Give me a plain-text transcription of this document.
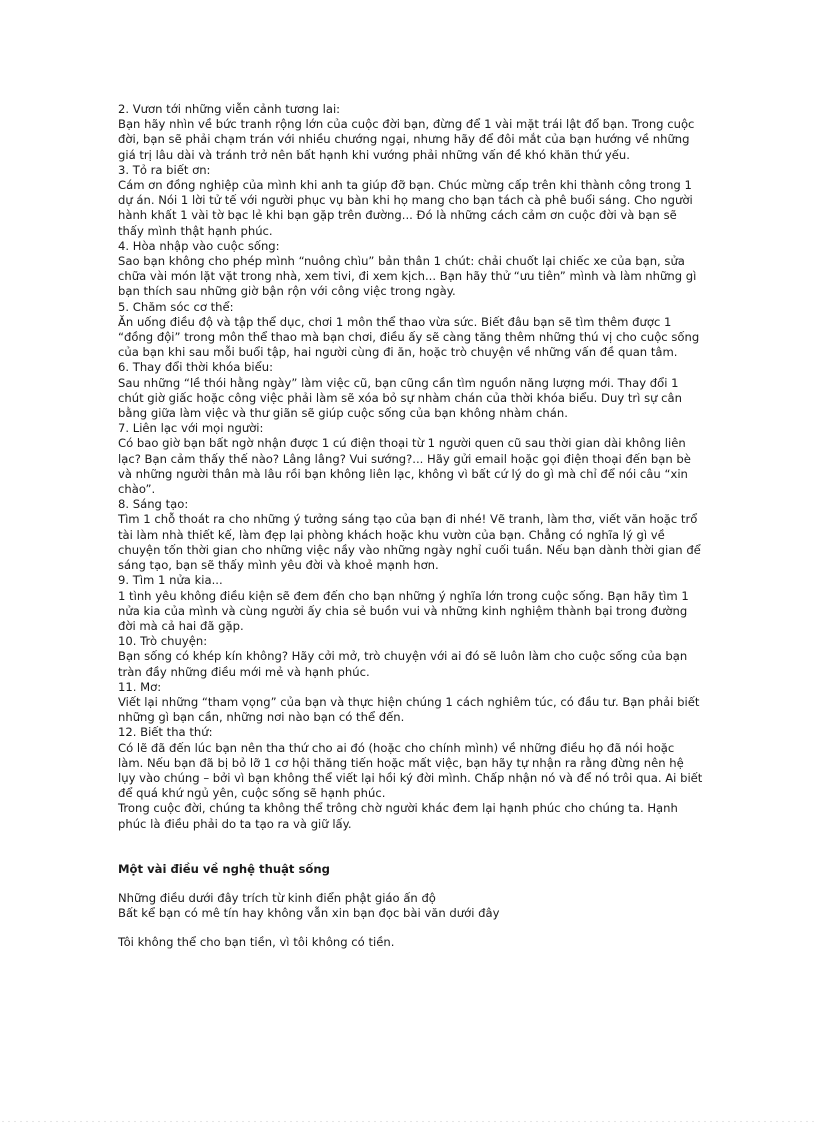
2. Vươn tới những viễn cảnh tương lai:

Bạn hãy nhìn về bức tranh rộng lớn của cuộc đời bạn, đừng để 1 vài mặt trái lật đổ bạn. Trong cuộc đời, bạn sẽ phải chạm trán với nhiều chướng ngại, nhưng hãy để đôi mắt của bạn hướng về những giá trị lâu dài và tránh trở nên bất hạnh khi vướng phải những vấn đề khó khăn thứ yếu.

3. Tỏ ra biết ơn:

Cám ơn đồng nghiệp của mình khi anh ta giúp đỡ bạn. Chúc mừng cấp trên khi thành công trong 1 dự án. Nói 1 lời tử tế với người phục vụ bàn khi họ mang cho bạn tách cà phê buổi sáng. Cho người hành khất 1 vài tờ bạc lẻ khi bạn gặp trên đường... Đó là những cách cảm ơn cuộc đời và bạn sẽ thấy mình thật hạnh phúc.

4. Hòa nhập vào cuộc sống:

Sao bạn không cho phép mình “nuông chìu” bản thân 1 chút: chải chuốt lại chiếc xe của bạn, sửa chữa vài món lặt vặt trong nhà, xem tivi, đi xem kịch... Bạn hãy thử “ưu tiên” mình và làm những gì bạn thích sau những giờ bận rộn với công việc trong ngày.

5. Chăm sóc cơ thể:

Ăn uống điều độ và tập thể dục, chơi 1 môn thể thao vừa sức. Biết đâu bạn sẽ tìm thêm được 1 “đồng đội” trong môn thể thao mà bạn chơi, điều ấy sẽ càng tăng thêm những thú vị cho cuộc sống của bạn khi sau mỗi buổi tập, hai người cùng đi ăn, hoặc trò chuyện về những vấn đề quan tâm.

6. Thay đổi thời khóa biểu:

Sau những “lề thói hằng ngày” làm việc cũ, bạn cũng cần tìm nguồn năng lượng mới. Thay đổi 1 chút giờ giấc hoặc công việc phải làm sẽ xóa bỏ sự nhàm chán của thời khóa biểu. Duy trì sự cân bằng giữa làm việc và thư giãn sẽ giúp cuộc sống của bạn không nhàm chán.

7. Liên lạc với mọi người:

Có bao giờ bạn bất ngờ nhận được 1 cú điện thoại từ 1 người quen cũ sau thời gian dài không liên lạc? Bạn cảm thấy thế nào? Lâng lâng? Vui sướng?... Hãy gửi email hoặc gọi điện thoại đến bạn bè và những người thân mà lâu rồi bạn không liên lạc, không vì bất cứ lý do gì mà chỉ để nói câu “xin chào”.

8. Sáng tạo:

Tìm 1 chỗ thoát ra cho những ý tưởng sáng tạo của bạn đi nhé! Vẽ tranh, làm thơ, viết văn hoặc trổ tài làm nhà thiết kế, làm đẹp lại phòng khách hoặc khu vườn của bạn. Chẳng có nghĩa lý gì về chuyện tốn thời gian cho những việc nầy vào những ngày nghỉ cuối tuần. Nếu bạn dành thời gian để sáng tạo, bạn sẽ thấy mình yêu đời và khoẻ mạnh hơn.

9. Tìm 1 nửa kia...

1 tình yêu không điều kiện sẽ đem đến cho bạn những ý nghĩa lớn trong cuộc sống. Bạn hãy tìm 1 nửa kia của mình và cùng người ấy chia sẻ buồn vui và những kinh nghiệm thành bại trong đường đời mà cả hai đã gặp.

10. Trò chuyện:

Bạn sống có khép kín không? Hãy cởi mở, trò chuyện với ai đó sẽ luôn làm cho cuộc sống của bạn tràn đầy những điều mới mẻ và hạnh phúc.

11. Mơ:

Viết lại những “tham vọng” của bạn và thực hiện chúng 1 cách nghiêm túc, có đầu tư. Bạn phải biết những gì bạn cần, những nơi nào bạn có thể đến.

12. Biết tha thứ:

Có lẽ đã đến lúc bạn nên tha thứ cho ai đó (hoặc cho chính mình) về những điều họ đã nói hoặc làm. Nếu bạn đã bị bỏ lỡ 1 cơ hội thăng tiến hoặc mất việc, bạn hãy tự nhận ra rằng đừng nên hệ lụy vào chúng – bởi vì bạn không thể viết lại hồi ký đời mình. Chấp nhận nó và để nó trôi qua. Ai biết để quá khứ ngủ yên, cuộc sống sẽ hạnh phúc.

Trong cuộc đời, chúng ta không thể trông chờ người khác đem lại hạnh phúc cho chúng ta. Hạnh phúc là điều phải do ta tạo ra và giữ lấy.

Một vài điều về nghệ thuật sống

Những điều dưới đây trích từ kinh điển phật giáo ấn độ

Bất kể bạn có mê tín hay không vẫn xin bạn đọc bài văn dưới đây

Tôi không thể cho bạn tiền, vì tôi không có tiền.
